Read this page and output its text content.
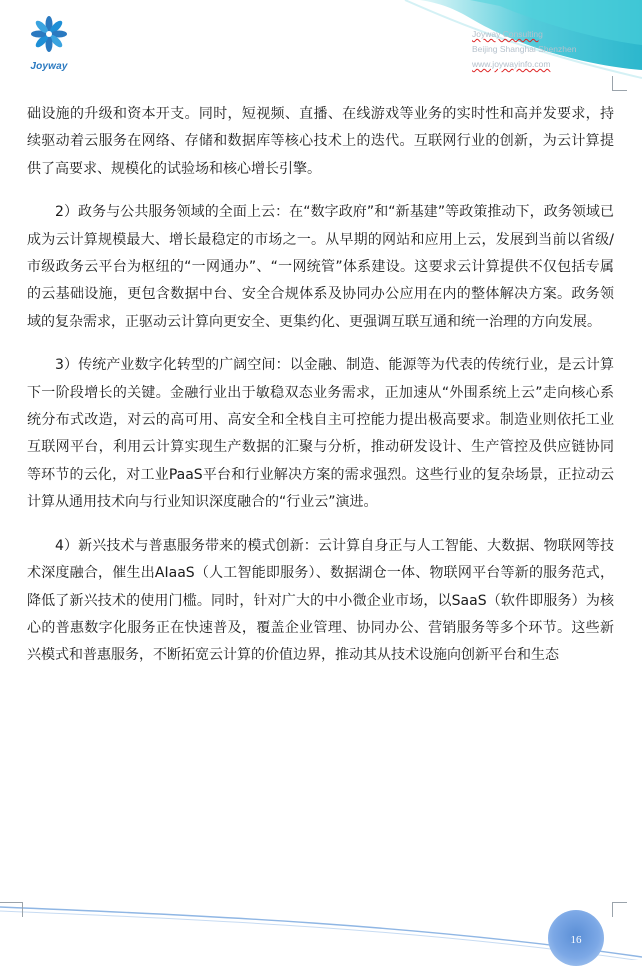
Joyway
Joyway Consulting
Beijing Shanghai Shenzhen
www.joywayinfo.com

础设施的升级和资本开支。同时，短视频、直播、在线游戏等业务的实时性和高并发要求，持续驱动着云服务在网络、存储和数据库等核心技术上的迭代。互联网行业的创新，为云计算提供了高要求、规模化的试验场和核心增长引擎。

2）政务与公共服务领域的全面上云：在“数字政府”和“新基建”等政策推动下，政务领域已成为云计算规模最大、增长最稳定的市场之一。从早期的网站和应用上云，发展到当前以省级/市级政务云平台为枢纽的“一网通办”、“一网统管”体系建设。这要求云计算提供不仅包括专属的云基础设施，更包含数据中台、安全合规体系及协同办公应用在内的整体解决方案。政务领域的复杂需求，正驱动云计算向更安全、更集约化、更强调互联互通和统一治理的方向发展。

3）传统产业数字化转型的广阔空间：以金融、制造、能源等为代表的传统行业，是云计算下一阶段增长的关键。金融行业出于敏稳双态业务需求，正加速从“外围系统上云”走向核心系统分布式改造，对云的高可用、高安全和全栈自主可控能力提出极高要求。制造业则依托工业互联网平台，利用云计算实现生产数据的汇聚与分析，推动研发设计、生产管控及供应链协同等环节的云化，对工业PaaS平台和行业解决方案的需求强烈。这些行业的复杂场景，正拉动云计算从通用技术向与行业知识深度融合的“行业云”演进。

4）新兴技术与普惠服务带来的模式创新：云计算自身正与人工智能、大数据、物联网等技术深度融合，催生出AIaaS（人工智能即服务）、数据湖仓一体、物联网平台等新的服务范式，降低了新兴技术的使用门槛。同时，针对广大的中小微企业市场，以SaaS（软件即服务）为核心的普惠数字化服务正在快速普及，覆盖企业管理、协同办公、营销服务等多个环节。这些新兴模式和普惠服务，不断拓宽云计算的价值边界，推动其从技术设施向创新平台和生态

16
